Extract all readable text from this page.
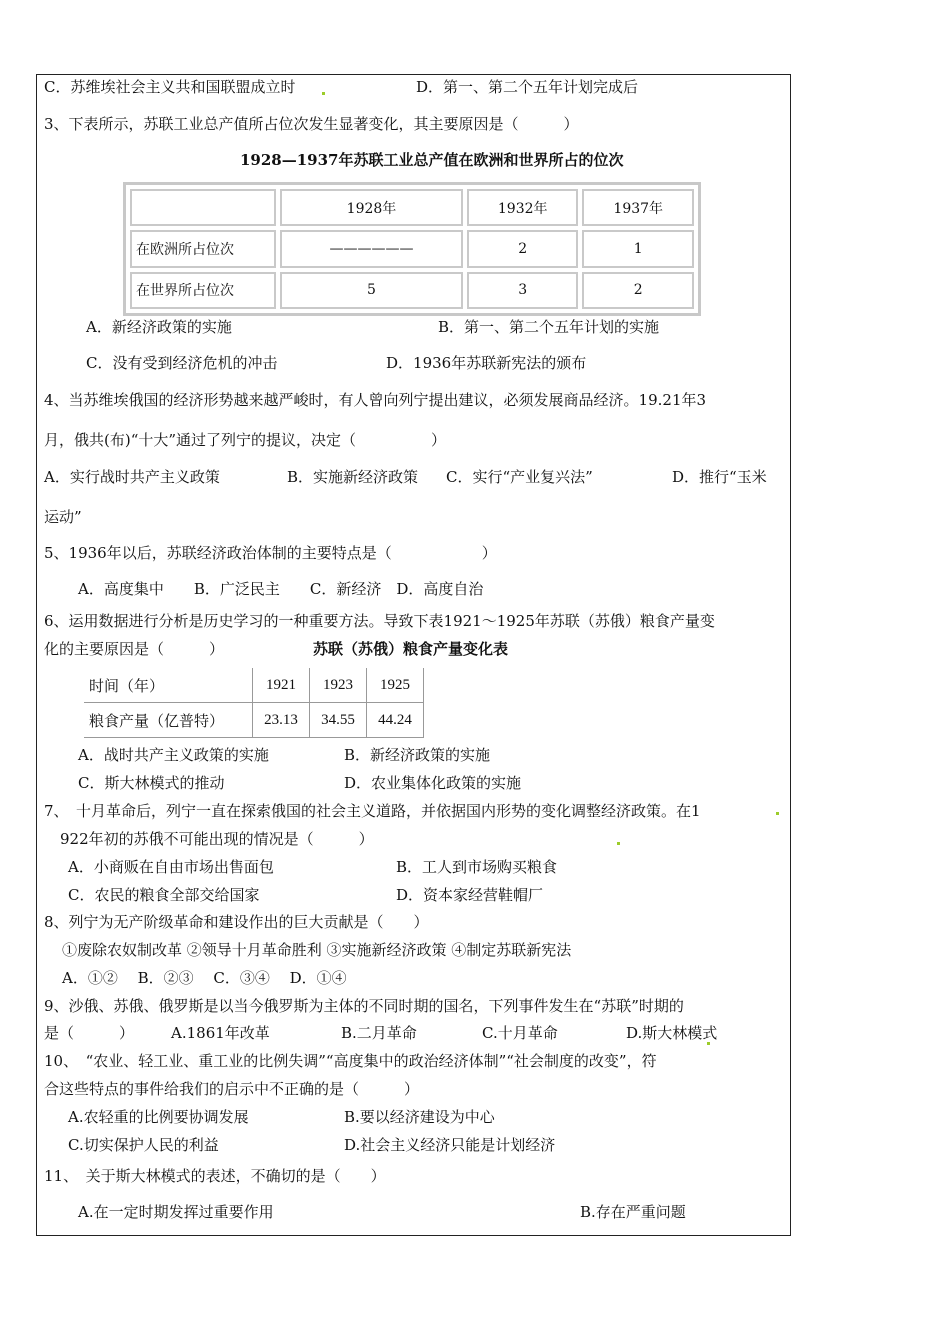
C．苏维埃社会主义共和国联盟成立时	D．第一、第二个五年计划完成后
3、下表所示，苏联工业总产值所占位次发生显著变化，其主要原因是（　　　）
1928—1937年苏联工业总产值在欧洲和世界所占的位次
	1928年	1932年	1937年
在欧洲所占位次	——————	2	1
在世界所占位次	5	3	2
A．新经济政策的实施	B．第一、第二个五年计划的实施
C．没有受到经济危机的冲击	D．1936年苏联新宪法的颁布
4、当苏维埃俄国的经济形势越来越严峻时，有人曾向列宁提出建议，必须发展商品经济。19.21年3
月，俄共(布)“十大”通过了列宁的提议，决定（　　　　　）
A．实行战时共产主义政策	B．实施新经济政策 C．实行“产业复兴法”	D．推行“玉米
运动”
5、1936年以后，苏联经济政治体制的主要特点是（　　　　　　）
A．高度集中　　B．广泛民主　　C．新经济　D．高度自治
6、运用数据进行分析是历史学习的一种重要方法。导致下表1921～1925年苏联（苏俄）粮食产量变
化的主要原因是（　　　）	苏联（苏俄）粮食产量变化表
时间（年）	1921	1923	1925
粮食产量（亿普特）	23.13	34.55	44.24
A．战时共产主义政策的实施	B．新经济政策的实施
C．斯大林模式的推动	D．农业集体化政策的实施
7、　十月革命后，列宁一直在探索俄国的社会主义道路，并依据国内形势的变化调整经济政策。在1
922年初的苏俄不可能出现的情况是（　　　）
A．小商贩在自由市场出售面包	B．工人到市场购买粮食
C．农民的粮食全部交给国家	D．资本家经营鞋帽厂
8、列宁为无产阶级革命和建设作出的巨大贡献是（　　）
①废除农奴制改革 ②领导十月革命胜利 ③实施新经济政策 ④制定苏联新宪法
A．①②　 B．②③　 C．③④　 D．①④
9、沙俄、苏俄、俄罗斯是以当今俄罗斯为主体的不同时期的国名，下列事件发生在“苏联”时期的
是（　　　） A.1861年改革	B.二月革命	C.十月革命	D.斯大林模式
10、　“农业、轻工业、重工业的比例失调”“高度集中的政治经济体制”“社会制度的改变”，符
合这些特点的事件给我们的启示中不正确的是（　　　）
A.农轻重的比例要协调发展	B.要以经济建设为中心
C.切实保护人民的利益	D.社会主义经济只能是计划经济
11、　关于斯大林模式的表述，不确切的是（　　）
A.在一定时期发挥过重要作用	B.存在严重问题
